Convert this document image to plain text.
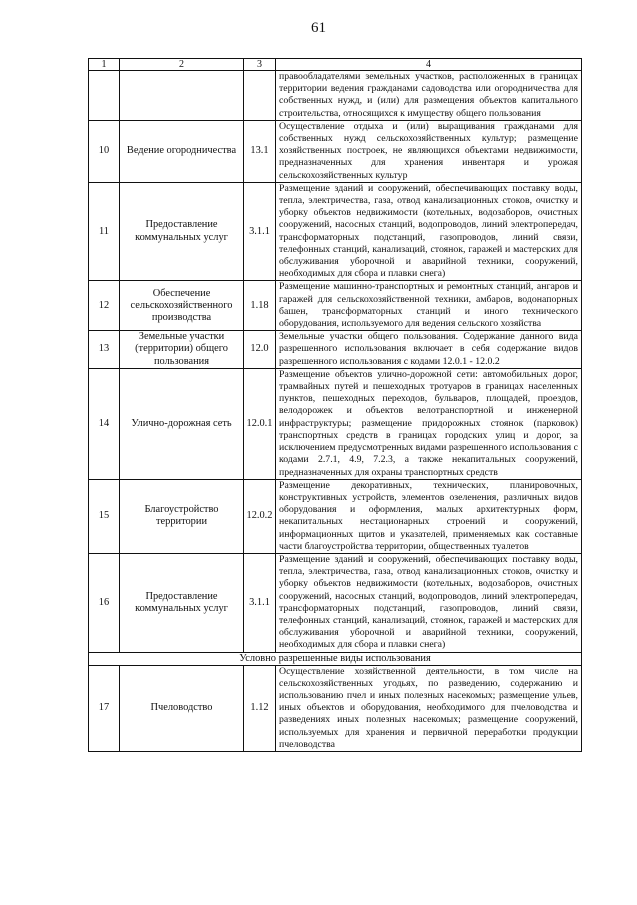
61
1	2	3	4
			правообладателями земельных участков, расположенных в границах территории ведения гражданами садоводства или огородничества для собственных нужд, и (или) для размещения объектов капитального строительства, относящихся к имуществу общего пользования
10	Ведение огородничества	13.1	Осуществление отдыха и (или) выращивания гражданами для собственных нужд сельскохозяйственных культур; размещение хозяйственных построек, не являющихся объектами недвижимости, предназначенных для хранения инвентаря и урожая сельскохозяйственных культур
11	Предоставление коммунальных услуг	3.1.1	Размещение зданий и сооружений, обеспечивающих поставку воды, тепла, электричества, газа, отвод канализационных стоков, очистку и уборку объектов недвижимости (котельных, водозаборов, очистных сооружений, насосных станций, водопроводов, линий электропередач, трансформаторных подстанций, газопроводов, линий связи, телефонных станций, канализаций, стоянок, гаражей и мастерских для обслуживания уборочной и аварийной техники, сооружений, необходимых для сбора и плавки снега)
12	Обеспечение сельскохозяйственного производства	1.18	Размещение машинно-транспортных и ремонтных станций, ангаров и гаражей для сельскохозяйственной техники, амбаров, водонапорных башен, трансформаторных станций и иного технического оборудования, используемого для ведения сельского хозяйства
13	Земельные участки (территории) общего пользования	12.0	Земельные участки общего пользования. Содержание данного вида разрешенного использования включает в себя содержание видов разрешенного использования с кодами 12.0.1 - 12.0.2
14	Улично-дорожная сеть	12.0.1	Размещение объектов улично-дорожной сети: автомобильных дорог, трамвайных путей и пешеходных тротуаров в границах населенных пунктов, пешеходных переходов, бульваров, площадей, проездов, велодорожек и объектов велотранспортной и инженерной инфраструктуры; размещение придорожных стоянок (парковок) транспортных средств в границах городских улиц и дорог, за исключением предусмотренных видами разрешенного использования с кодами 2.7.1, 4.9, 7.2.3, а также некапитальных сооружений, предназначенных для охраны транспортных средств
15	Благоустройство территории	12.0.2	Размещение декоративных, технических, планировочных, конструктивных устройств, элементов озеленения, различных видов оборудования и оформления, малых архитектурных форм, некапитальных нестационарных строений и сооружений, информационных щитов и указателей, применяемых как составные части благоустройства территории, общественных туалетов
16	Предоставление коммунальных услуг	3.1.1	Размещение зданий и сооружений, обеспечивающих поставку воды, тепла, электричества, газа, отвод канализационных стоков, очистку и уборку объектов недвижимости (котельных, водозаборов, очистных сооружений, насосных станций, водопроводов, линий электропередач, трансформаторных подстанций, газопроводов, линий связи, телефонных станций, канализаций, стоянок, гаражей и мастерских для обслуживания уборочной и аварийной техники, сооружений, необходимых для сбора и плавки снега)
Условно разрешенные виды использования			
17	Пчеловодство	1.12	Осуществление хозяйственной деятельности, в том числе на сельскохозяйственных угодьях, по разведению, содержанию и использованию пчел и иных полезных насекомых; размещение ульев, иных объектов и оборудования, необходимого для пчеловодства и разведениях иных полезных насекомых; размещение сооружений, используемых для хранения и первичной переработки продукции пчеловодства
